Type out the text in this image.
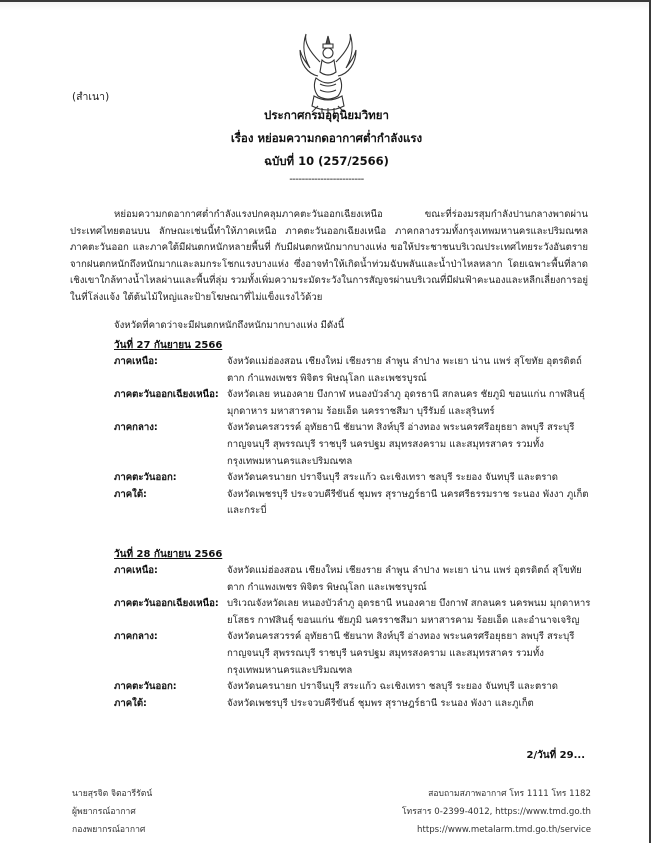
(สำเนา)
ประกาศกรมอุตุนิยมวิทยา
เรื่อง หย่อมความกดอากาศต่ำกำลังแรง
ฉบับที่ 10 (257/2566)
------------------------
หย่อมความกดอากาศต่ำกำลังแรงปกคลุมภาคตะวันออกเฉียงเหนือ ขณะที่ร่องมรสุมกำลังปานกลางพาดผ่านประเทศไทยตอนบน ลักษณะเช่นนี้ทำให้ภาคเหนือ ภาคตะวันออกเฉียงเหนือ ภาคกลางรวมทั้งกรุงเทพมหานครและปริมณฑล ภาคตะวันออก และภาคใต้มีฝนตกหนักหลายพื้นที่ กับมีฝนตกหนักมากบางแห่ง ขอให้ประชาชนบริเวณประเทศไทยระวังอันตรายจากฝนตกหนักถึงหนักมากและลมกระโชกแรงบางแห่ง ซึ่งอาจทำให้เกิดน้ำท่วมฉับพลันและน้ำป่าไหลหลาก โดยเฉพาะพื้นที่ลาดเชิงเขาใกล้ทางน้ำไหลผ่านและพื้นที่ลุ่ม รวมทั้งเพิ่มความระมัดระวังในการสัญจรผ่านบริเวณที่มีฝนฟ้าคะนองและหลีกเลี่ยงการอยู่ในที่โล่งแจ้ง ใต้ต้นไม้ใหญ่และป้ายโฆษณาที่ไม่แข็งแรงไว้ด้วย
จังหวัดที่คาดว่าจะมีฝนตกหนักถึงหนักมากบางแห่ง มีดังนี้
วันที่ 27 กันยายน 2566
ภาคเหนือ:	จังหวัดแม่ฮ่องสอน เชียงใหม่ เชียงราย ลำพูน ลำปาง พะเยา น่าน แพร่ สุโขทัย อุตรดิตถ์ ตาก กำแพงเพชร พิจิตร พิษณุโลก และเพชรบูรณ์
ภาคตะวันออกเฉียงเหนือ: จังหวัดเลย หนองคาย บึงกาฬ หนองบัวลำภู อุดรธานี สกลนคร ชัยภูมิ ขอนแก่น กาฬสินธุ์ มุกดาหาร มหาสารคาม ร้อยเอ็ด นครราชสีมา บุรีรัมย์ และสุรินทร์
ภาคกลาง:	จังหวัดนครสวรรค์ อุทัยธานี ชัยนาท สิงห์บุรี อ่างทอง พระนครศรีอยุธยา ลพบุรี สระบุรี กาญจนบุรี สุพรรณบุรี ราชบุรี นครปฐม สมุทรสงคราม และสมุทรสาคร รวมทั้งกรุงเทพมหานครและปริมณฑล
ภาคตะวันออก:	จังหวัดนครนายก ปราจีนบุรี สระแก้ว ฉะเชิงเทรา ชลบุรี ระยอง จันทบุรี และตราด
ภาคใต้:	จังหวัดเพชรบุรี ประจวบคีรีขันธ์ ชุมพร สุราษฎร์ธานี นครศรีธรรมราช ระนอง พังงา ภูเก็ต และกระบี่
วันที่ 28 กันยายน 2566
ภาคเหนือ:	จังหวัดแม่ฮ่องสอน เชียงใหม่ เชียงราย ลำพูน ลำปาง พะเยา น่าน แพร่ อุตรดิตถ์ สุโขทัย ตาก กำแพงเพชร พิจิตร พิษณุโลก และเพชรบูรณ์
ภาคตะวันออกเฉียงเหนือ: บริเวณจังหวัดเลย หนองบัวลำภู อุดรธานี หนองคาย บึงกาฬ สกลนคร นครพนม มุกดาหาร ยโสธร กาฬสินธุ์ ขอนแก่น ชัยภูมิ นครราชสีมา มหาสารคาม ร้อยเอ็ด และอำนาจเจริญ
ภาคกลาง:	จังหวัดนครสวรรค์ อุทัยธานี ชัยนาท สิงห์บุรี อ่างทอง พระนครศรีอยุธยา ลพบุรี สระบุรี กาญจนบุรี สุพรรณบุรี ราชบุรี นครปฐม สมุทรสงคราม และสมุทรสาคร รวมทั้งกรุงเทพมหานครและปริมณฑล
ภาคตะวันออก:	จังหวัดนครนายก ปราจีนบุรี สระแก้ว ฉะเชิงเทรา ชลบุรี ระยอง จันทบุรี และตราด
ภาคใต้:	จังหวัดเพชรบุรี ประจวบคีรีขันธ์ ชุมพร สุราษฎร์ธานี ระนอง พังงา และภูเก็ต
2/วันที่ 29...
นายสุรจิต จิตอารีรัตน์
ผู้พยากรณ์อากาศ
กองพยากรณ์อากาศ
สอบถามสภาพอากาศ โทร 1111 โทร 1182
โทรสาร 0-2399-4012, https://www.tmd.go.th
https://www.metalarm.tmd.go.th/service
